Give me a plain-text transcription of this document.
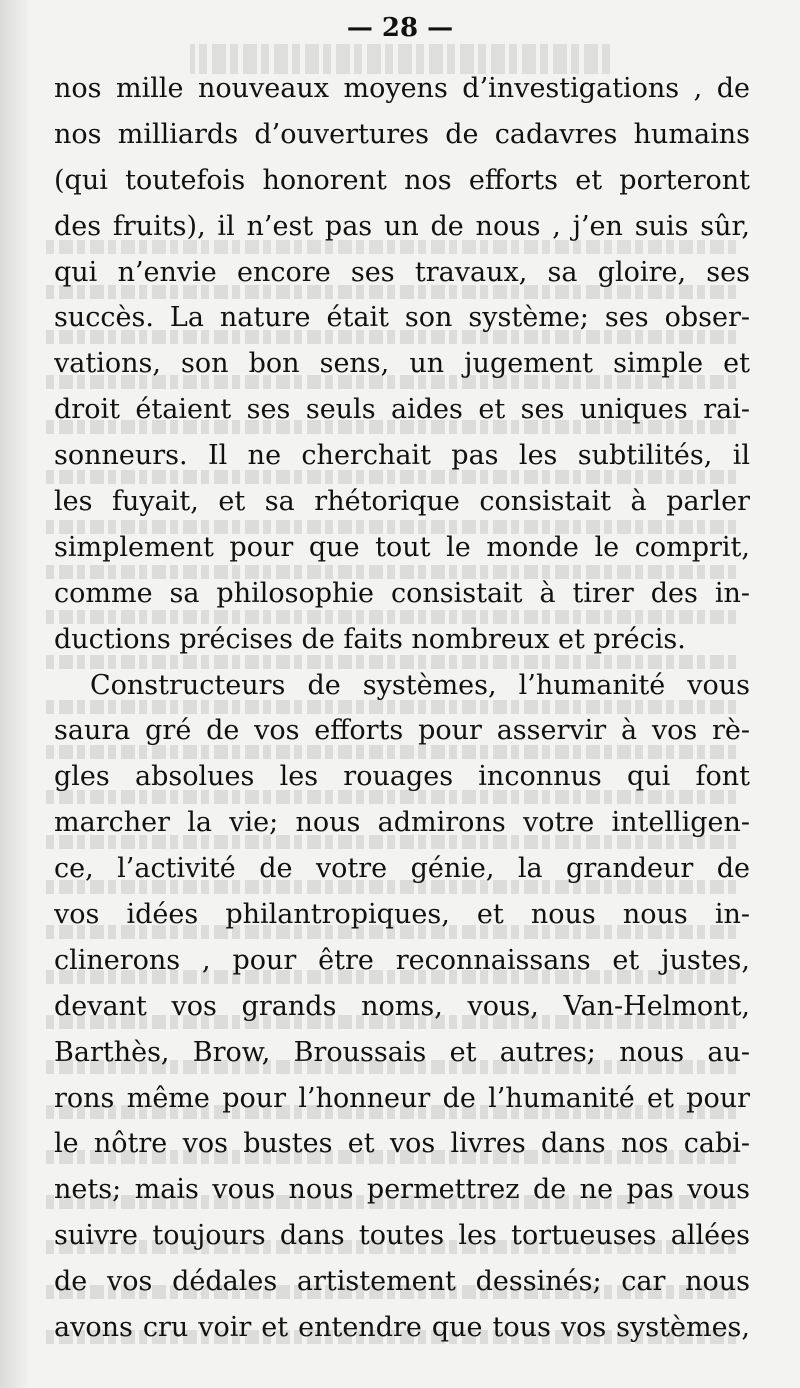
— 28 —
nos mille nouveaux moyens d’investigations , de
nos milliards d’ouvertures de cadavres humains
(qui toutefois honorent nos efforts et porteront
des fruits), il n’est pas un de nous , j’en suis sûr,
qui n’envie encore ses travaux, sa gloire, ses
succès. La nature était son système; ses obser-
vations, son bon sens, un jugement simple et
droit étaient ses seuls aides et ses uniques rai-
sonneurs. Il ne cherchait pas les subtilités, il
les fuyait, et sa rhétorique consistait à parler
simplement pour que tout le monde le comprit,
comme sa philosophie consistait à tirer des in-
ductions précises de faits nombreux et précis.
Constructeurs de systèmes, l’humanité vous
saura gré de vos efforts pour asservir à vos rè-
gles absolues les rouages inconnus qui font
marcher la vie; nous admirons votre intelligen-
ce, l’activité de votre génie, la grandeur de
vos idées philantropiques, et nous nous in-
clinerons , pour être reconnaissans et justes,
devant vos grands noms, vous, Van-Helmont,
Barthès, Brow, Broussais et autres; nous au-
rons même pour l’honneur de l’humanité et pour
le nôtre vos bustes et vos livres dans nos cabi-
nets; mais vous nous permettrez de ne pas vous
suivre toujours dans toutes les tortueuses allées
de vos dédales artistement dessinés; car nous
avons cru voir et entendre que tous vos systèmes,
